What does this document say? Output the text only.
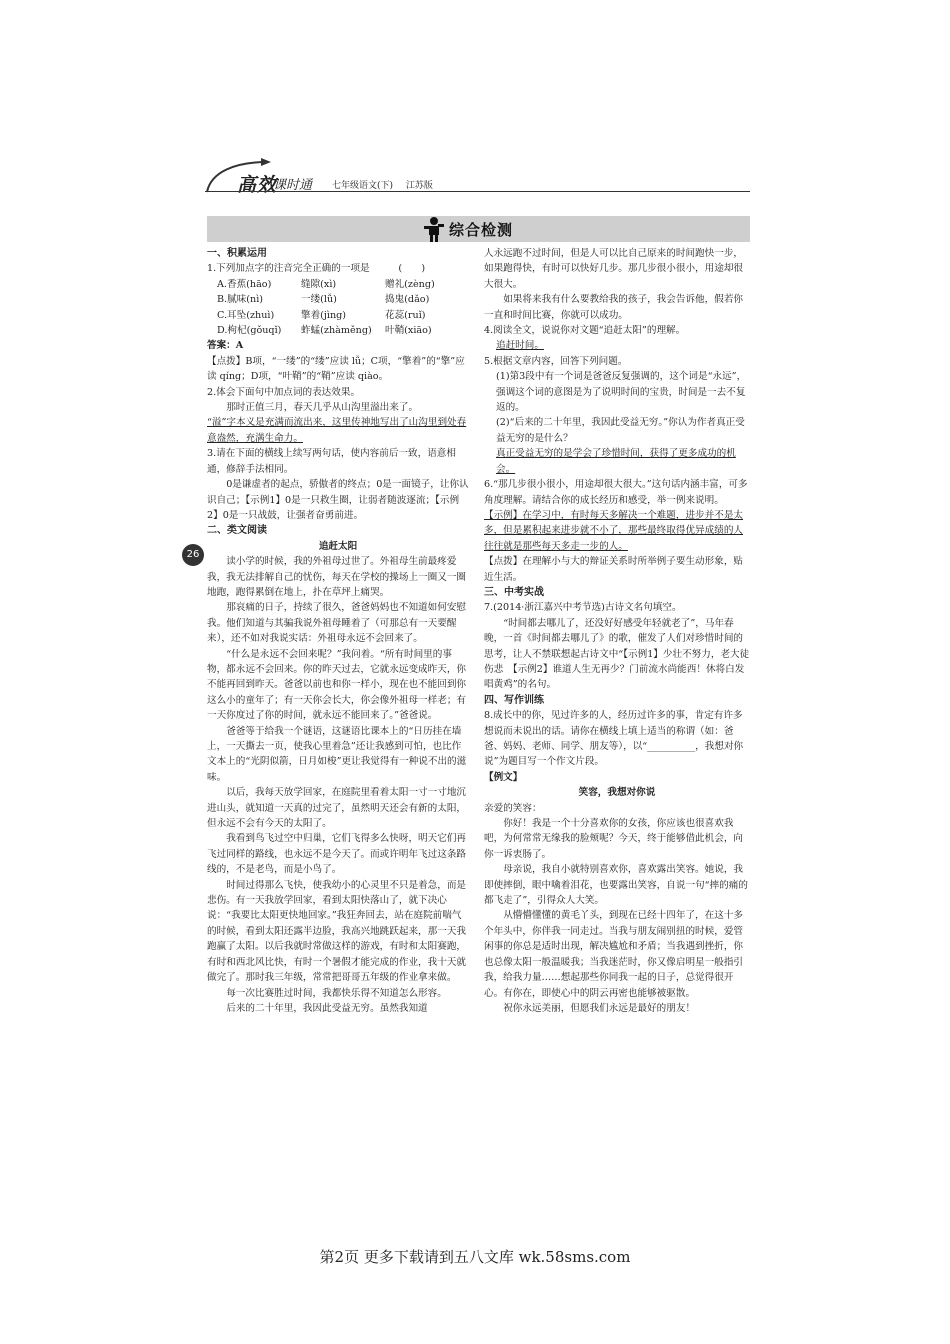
高效
课时通 七年级语文(下) 江苏版
综合检测

一、积累运用

1.下列加点字的注音完全正确的一项是　　　(　　)

A.香蕉(hāo)	缝隙(xì)	赠礼(zèng)

B.腻味(nì)	一缕(lǚ)	捣鬼(dǎo)

C.耳坠(zhuì)	擎着(jìng)	花蕊(ruǐ)

D.枸杞(gǒuqǐ)	蚱蜢(zhàměng)	叶鞘(xiāo)

答案：A

【点拨】B项，“一缕”的“缕”应读 lǚ；C项，“擎着”的“擎”应读 qíng；D项，“叶鞘”的“鞘”应读 qiào。

2.体会下面句中加点词的表达效果。

那时正值三月，春天几乎从山沟里溢出来了。

“溢”字本义是充满而流出来，这里传神地写出了山沟里到处春意盎然，充满生命力。

3.请在下面的横线上续写两句话，使内容前后一致，语意相通，修辞手法相同。

0是谦虚者的起点，骄傲者的终点；0是一面镜子，让你认识自己；【示例1】0是一只救生圈，让弱者随波逐流；【示例2】0是一只战鼓，让强者奋勇前进。

二、类文阅读

追赶太阳

读小学的时候，我的外祖母过世了。外祖母生前最疼爱我，我无法排解自己的忧伤，每天在学校的操场上一圈又一圈地跑，跑得累倒在地上，扑在草坪上痛哭。

那哀痛的日子，持续了很久，爸爸妈妈也不知道如何安慰我。他们知道与其骗我说外祖母睡着了（可那总有一天要醒来），还不如对我说实话：外祖母永远不会回来了。

“什么是永远不会回来呢？”我问着。“所有时间里的事物，都永远不会回来。你的昨天过去，它就永远变成昨天，你不能再回到昨天。爸爸以前也和你一样小，现在也不能回到你这么小的童年了；有一天你会长大，你会像外祖母一样老；有一天你度过了你的时间，就永远不能回来了。”爸爸说。

爸爸等于给我一个谜语，这谜语比课本上的“日历挂在墙上，一天撕去一页，使我心里着急”还让我感到可怕，也比作文本上的“光阴似箭，日月如梭”更让我觉得有一种说不出的滋味。

以后，我每天放学回家，在庭院里看着太阳一寸一寸地沉进山头，就知道一天真的过完了，虽然明天还会有新的太阳，但永远不会有今天的太阳了。

我看到鸟飞过空中归巢，它们飞得多么快呀，明天它们再飞过同样的路线，也永远不是今天了。而或许明年飞过这条路线的，不是老鸟，而是小鸟了。

时间过得那么飞快，使我幼小的心灵里不只是着急，而是悲伤。有一天我放学回家，看到太阳快落山了，就下决心说：“我要比太阳更快地回家。”我狂奔回去，站在庭院前喘气的时候，看到太阳还露半边脸，我高兴地跳跃起来，那一天我跑赢了太阳。以后我就时常做这样的游戏，有时和太阳赛跑，有时和西北风比快，有时一个暑假才能完成的作业，我十天就做完了。那时我三年级，常常把哥哥五年级的作业拿来做。

每一次比赛胜过时间，我都快乐得不知道怎么形容。

后来的二十年里，我因此受益无穷。虽然我知道

人永远跑不过时间，但是人可以比自己原来的时间跑快一步，如果跑得快，有时可以快好几步。那几步很小很小，用途却很大很大。

如果将来我有什么要教给我的孩子，我会告诉他，假若你一直和时间比赛，你就可以成功。

4.阅读全文，说说你对文题“追赶太阳”的理解。

追赶时间。

5.根据文章内容，回答下列问题。

(1)第3段中有一个词是爸爸反复强调的，这个词是“永远”，强调这个词的意图是为了说明时间的宝贵，时间是一去不复返的。

(2)“后来的二十年里，我因此受益无穷。”你认为作者真正受益无穷的是什么？

真正受益无穷的是学会了珍惜时间，获得了更多成功的机会。

6.“那几步很小很小，用途却很大很大。”这句话内涵丰富，可多角度理解。请结合你的成长经历和感受，举一例来说明。

【示例】在学习中，有时每天多解决一个难题，进步并不是太多，但是累积起来进步就不小了，那些最终取得优异成绩的人往往就是那些每天多走一步的人。

【点拨】在理解小与大的辩证关系时所举例子要生动形象，贴近生活。

三、中考实战

7.(2014·浙江嘉兴中考节选)古诗文名句填空。

“时间都去哪儿了，还没好好感受年轻就老了”，马年春晚，一首《时间都去哪儿了》的歌，催发了人们对珍惜时间的思考，让人不禁联想起古诗文中“【示例1】少壮不努力，老大徒伤悲　【示例2】谁道人生无再少？门前流水尚能西！休将白发唱黄鸡”的名句。

四、写作训练

8.成长中的你，见过许多的人，经历过许多的事，肯定有许多想说而未说出的话。请你在横线上填上适当的称谓（如：爸爸、妈妈、老师、同学、朋友等），以“__________，我想对你说”为题目写一个作文片段。

【例文】

笑容，我想对你说

亲爱的笑容：

你好！我是一个十分喜欢你的女孩，你应该也很喜欢我吧，为何常常无缘我的脸颊呢？今天，终于能够借此机会，向你一诉衷肠了。

母亲说，我自小就特别喜欢你，喜欢露出笑容。她说，我即使摔倒，眼中噙着泪花，也要露出笑容，自说一句“摔的痛的都飞走了”，引得众人大笑。

从懵懵懂懂的黄毛丫头，到现在已经十四年了，在这十多个年头中，你伴我一同走过。当我与朋友闹别扭的时候，爱管闲事的你总是适时出现，解决尴尬和矛盾；当我遇到挫折，你也总像太阳一般温暖我；当我迷茫时，你又像启明星一般指引我，给我力量……想起那些你同我一起的日子，总觉得很开心。有你在，即使心中的阴云再密也能够被驱散。

祝你永远美丽，但愿我们永远是最好的朋友！

26
第2页 更多下载请到五八文库 wk.58sms.com
